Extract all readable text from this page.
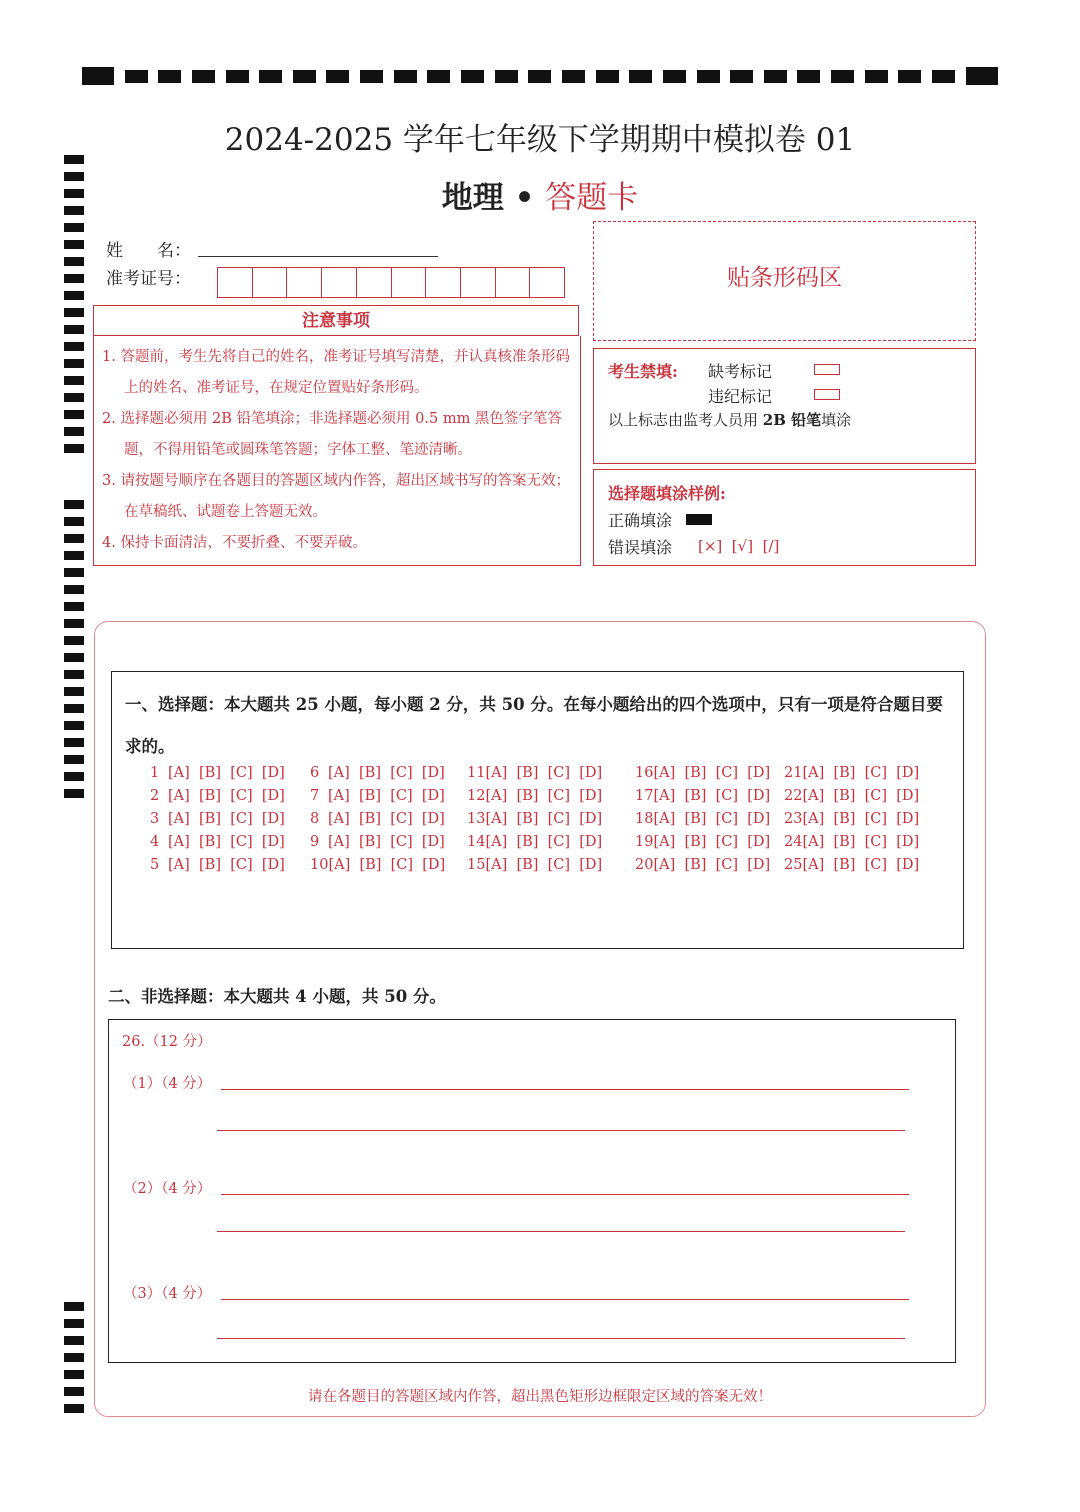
2024-2025 学年七年级下学期期中模拟卷 01
地理 • 答题卡
姓　　名：
准考证号：
注意事项
1. 答题前，考生先将自己的姓名，准考证号填写清楚，并认真核准条形码上的姓名、准考证号，在规定位置贴好条形码。
2. 选择题必须用 2B 铅笔填涂；非选择题必须用 0.5 mm 黑色签字笔答题，不得用铅笔或圆珠笔答题；字体工整、笔迹清晰。
3. 请按题号顺序在各题目的答题区域内作答，超出区域书写的答案无效；在草稿纸、试题卷上答题无效。
4. 保持卡面清洁，不要折叠、不要弄破。
贴条形码区
考生禁填: 缺考标记
违纪标记
以上标志由监考人员用 2B 铅笔填涂
选择题填涂样例:
正确填涂
错误填涂 [×]  [√]  [/]
一、选择题：本大题共 25 小题，每小题 2 分，共 50 分。在每小题给出的四个选项中，只有一项是符合题目要求的。
1 [A]  [B]  [C]  [D]	6 [A]  [B]  [C]  [D]	11[A]  [B]  [C]  [D]	16[A]  [B]  [C]  [D] 21[A]  [B]  [C]  [D]
2 [A]  [B]  [C]  [D]	7 [A]  [B]  [C]  [D]	12[A]  [B]  [C]  [D]	17[A]  [B]  [C]  [D] 22[A]  [B]  [C]  [D]
3 [A]  [B]  [C]  [D]	8 [A]  [B]  [C]  [D]	13[A]  [B]  [C]  [D]	18[A]  [B]  [C]  [D] 23[A]  [B]  [C]  [D]
4 [A]  [B]  [C]  [D]	9 [A]  [B]  [C]  [D]	14[A]  [B]  [C]  [D]	19[A]  [B]  [C]  [D] 24[A]  [B]  [C]  [D]
5 [A]  [B]  [C]  [D]	10[A]  [B]  [C]  [D]	15[A]  [B]  [C]  [D]	20[A]  [B]  [C]  [D] 25[A]  [B]  [C]  [D]
二、非选择题：本大题共 4 小题，共 50 分。
26.（12 分）
（1）（4 分）
（2）（4 分）
（3）（4 分）
请在各题目的答题区域内作答，超出黑色矩形边框限定区域的答案无效！
